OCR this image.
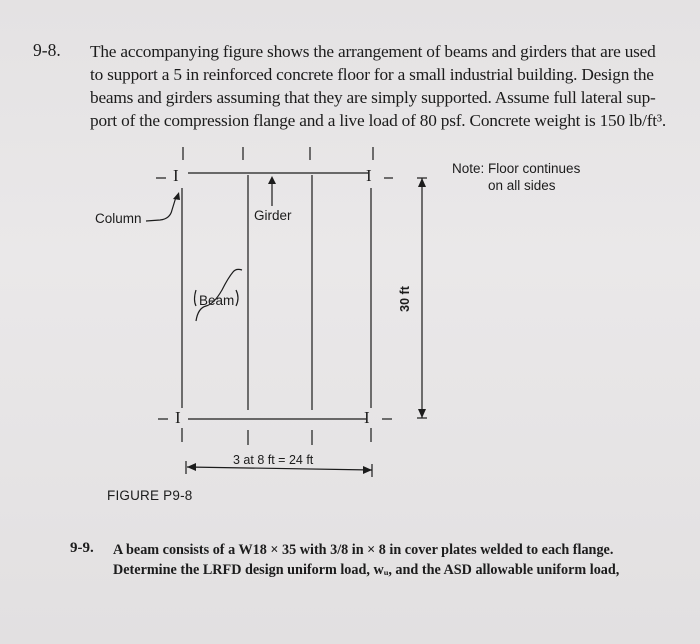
9-8. The accompanying figure shows the arrangement of beams and girders that are used
to support a 5 in reinforced concrete floor for a small industrial building. Design the
beams and girders assuming that they are simply supported. Assume full lateral sup-
port of the compression flange and a live load of 80 psf. Concrete weight is 150 lb/ft³.
I	I
I	I
Note: Floor continues
on all sides
Column	Girder
Beam	30 ft
3 at 8 ft = 24 ft
FIGURE P9-8
9-9. A beam consists of a W18 × 35 with 3/8 in × 8 in cover plates welded to each flange.
Determine the LRFD design uniform load, wᵤ, and the ASD allowable uniform load,
